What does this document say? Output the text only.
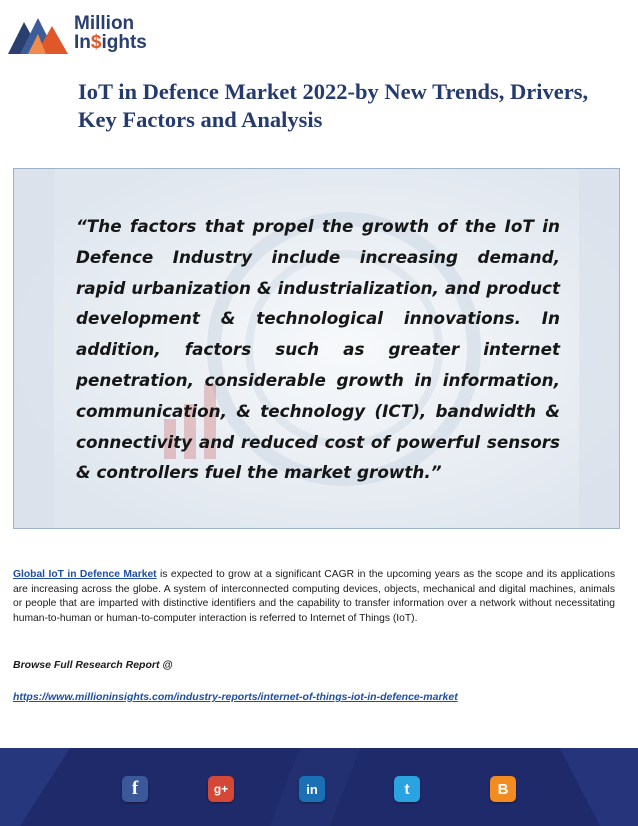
Million
In$ights
IoT in Defence Market 2022-by New Trends, Drivers, Key Factors and Analysis
“The factors that propel the growth of the IoT in Defence Industry include increasing demand, rapid urbanization & industrialization, and product development & technological innovations. In addition, factors such as greater internet penetration, considerable growth in information, communication, & technology (ICT), bandwidth & connectivity and reduced cost of powerful sensors & controllers fuel the market growth.”
Global IoT in Defence Market is expected to grow at a significant CAGR in the upcoming years as the scope and its applications are increasing across the globe. A system of interconnected computing devices, objects, mechanical and digital machines, animals or people that are imparted with distinctive identifiers and the capability to transfer information over a network without necessitating human-to-human or human-to-computer interaction is referred to Internet of Things (IoT).
Browse Full Research Report @
https://www.millioninsights.com/industry-reports/internet-of-things-iot-in-defence-market
f	g+	in	t	B
